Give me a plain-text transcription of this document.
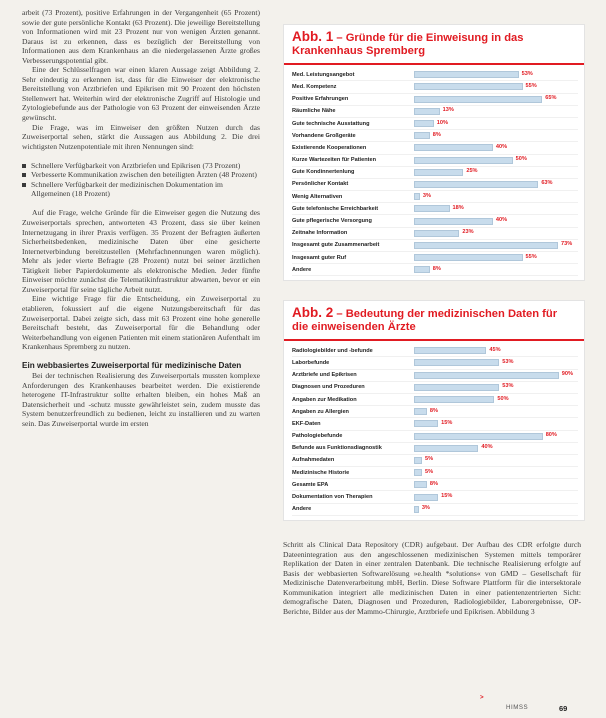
arbeit (73 Prozent), positive Erfahrungen in der Vergangenheit (65 Prozent) sowie der gute persönliche Kontakt (63 Prozent). Die jeweilige Bereitstellung von Informationen wird mit 23 Prozent nur von wenigen Ärzten genannt. Daraus ist zu erkennen, dass es bezüglich der Bereitstellung von Informationen aus dem Krankenhaus an die niedergelassenen Ärzte großes Verbesserungspotential gibt.

Eine der Schlüsselfragen war einen klaren Aussage zeigt Abbildung 2. Sehr eindeutig zu erkennen ist, dass für die Einweiser der elektronische Bereitstellung von Arztbriefen und Epikrisen mit 90 Prozent den höchsten Stellenwert hat. Weiterhin wird der elektronische Zugriff auf Histologie und Zytologiebefunde aus der Pathologie von 63 Prozent der einweisenden Ärzte gewünscht.

Die Frage, was im Einweiser den größten Nutzen durch das Zuweiserportal sehen, stärkt die Aussagen aus Abbildung 2. Die drei wichtigsten Nutzenpotentiale mit ihren Nennungen sind:

Schnellere Verfügbarkeit von Arztbriefen und Epikrisen (73 Prozent)
Verbesserte Kommunikation zwischen den beteiligten Ärzten (48 Prozent)
Schnellere Verfügbarkeit der medizinischen Dokumentation im Allgemeinen (18 Prozent)

Auf die Frage, welche Gründe für die Einweiser gegen die Nutzung des Zuweiserportals sprechen, antworteten 43 Prozent, dass sie über keinen Internetzugang in ihrer Praxis verfügen. 35 Prozent der Befragten äußerten Sicherheitsbedenken, medizinische Daten über eine gesicherte Internetverbindung bereitzustellen (Mehrfachnennungen waren möglich). Mehr als jeder vierte Befragte (28 Prozent) nutzt bei seiner ärztlichen Tätigkeit lieber Papierdokumente als elektronische Medien. Jeder fünfte Einweiser möchte zunächst die Telematikinfrastruktur abwarten, bevor er ein Zuweiserportal für seine tägliche Arbeit nutzt.

Eine wichtige Frage für die Entscheidung, ein Zuweiserportal zu etablieren, fokussiert auf die eigene Nutzungsbereitschaft für das Zuweiserportal. Dabei zeigte sich, dass mit 63 Prozent eine hohe generelle Bereitschaft besteht, das Zuweiserportal für die Behandlung oder Weiterbehandlung von eigenen Patienten mit einem stationären Aufenthalt im Krankenhaus Spremberg zu nutzen.

Ein webbasiertes Zuweiserportal für medizinische Daten

Bei der technischen Realisierung des Zuweiserportals mussten komplexe Anforderungen des Krankenhauses bearbeitet werden. Die existierende heterogene IT-Infrastruktur sollte erhalten bleiben, ein hohes Maß an Datensicherheit und -schutz musste gewährleistet sein, zudem musste das System benutzerfreundlich zu bedienen, leicht zu installieren und zu warten sein. Das Zuweiserportal wurde im ersten

Abb. 1 – Gründe für die Einweisung in das Krankenhaus Spremberg
Med. Leistungsangebot	53%
Med. Kompetenz	55%
Positive Erfahrungen	65%
Räumliche Nähe	13%
Gute technische Ausstattung	10%
Vorhandene Großgeräte	8%
Existierende Kooperationen	40%
Kurze Wartezeiten für Patienten	50%
Gute Kondinnertenlung	25%
Persönlicher Kontakt	63%
Wenig Alternativen	3%
Gute telefonische Erreichbarkeit	18%
Gute pflegerische Versorgung	40%
Zeitnahe Information	23%
Insgesamt gute Zusammenarbeit	73%
Insgesamt guter Ruf	55%
Andere	8%
Abb. 2 – Bedeutung der medizinischen Daten für die einweisenden Ärzte
Radiologiebilder und -befunde	45%
Laborbefunde	53%
Arztbriefe und Epikrisen	90%
Diagnosen und Prozeduren	53%
Angaben zur Medikation	50%
Angaben zu Allergien	8%
EKF-Daten	15%
Pathologiebefunde	80%
Befunde aus Funktionsdiagnostik	40%
Aufnahmedaten	5%
Medizinische Historie	5%
Gesamte EPA	8%
Dokumentation von Therapien	15%
Andere	3%

Schritt als Clinical Data Repository (CDR) aufgebaut. Der Aufbau des CDR erfolgte durch Dateenintegration aus den angeschlossenen medizinischen Systemen mittels temporärer Replikation der Daten in einer zentralen Datenbank. Die technische Realisierung erfolgte auf Basis der webbasierten Softwarelösung »e.health *solutions« von GMD – Gesellschaft für Medizinische Datenverarbeitung mbH, Berlin. Diese Software Plattform für die intersektorale Kommunikation integriert alle medizinischen Daten in einer patientenzentrierten Sicht: demografische Daten, Diagnosen und Prozeduren, Radiologiebilder, Laborergebnisse, OP-Berichte, Bilder aus der Mammo-Chirurgie, Arztbriefe und Epikrisen. Abbildung 3

>
HIMSS	69
